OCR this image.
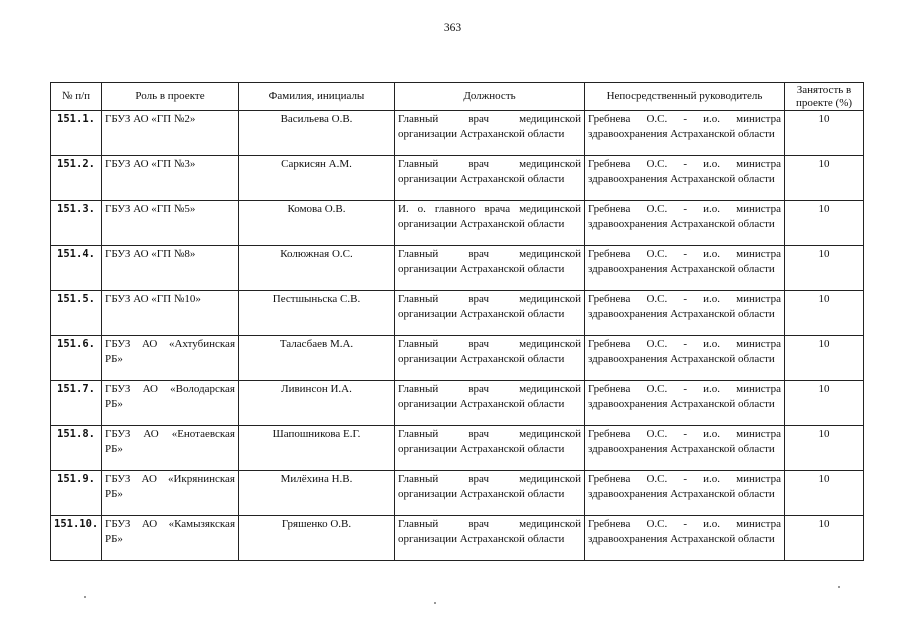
363
№ п/п	Роль в проекте	Фамилия, инициалы	Должность	Непосредственный руководитель	Занятость в проекте (%)
151.1.	ГБУЗ АО «ГП №2»	Васильева О.В.	Главный врач медицинской организации Астраханской области	Гребнева О.С. - и.о. министра здравоохранения Астраханской области	10
151.2.	ГБУЗ АО «ГП №3»	Саркисян А.М.	Главный врач медицинской организации Астраханской области	Гребнева О.С. - и.о. министра здравоохранения Астраханской области	10
151.3.	ГБУЗ АО «ГП №5»	Комова О.В.	И. о. главного врача медицинской организации Астраханской области	Гребнева О.С. - и.о. министра здравоохранения Астраханской области	10
151.4.	ГБУЗ АО «ГП №8»	Колюжная О.С.	Главный врач медицинской организации Астраханской области	Гребнева О.С. - и.о. министра здравоохранения Астраханской области	10
151.5.	ГБУЗ АО «ГП №10»	Пестшыньска С.В.	Главный врач медицинской организации Астраханской области	Гребнева О.С. - и.о. министра здравоохранения Астраханской области	10
151.6.	ГБУЗ АО «Ахтубинская РБ»	Таласбаев М.А.	Главный врач медицинской организации Астраханской области	Гребнева О.С. - и.о. министра здравоохранения Астраханской области	10
151.7.	ГБУЗ АО «Володарская РБ»	Ливинсон И.А.	Главный врач медицинской организации Астраханской области	Гребнева О.С. - и.о. министра здравоохранения Астраханской области	10
151.8.	ГБУЗ АО «Енотаевская РБ»	Шапошникова Е.Г.	Главный врач медицинской организации Астраханской области	Гребнева О.С. - и.о. министра здравоохранения Астраханской области	10
151.9.	ГБУЗ АО «Икрянинская РБ»	Милёхина Н.В.	Главный врач медицинской организации Астраханской области	Гребнева О.С. - и.о. министра здравоохранения Астраханской области	10
151.10.	ГБУЗ АО «Камызякская РБ»	Гряшенко О.В.	Главный врач медицинской организации Астраханской области	Гребнева О.С. - и.о. министра здравоохранения Астраханской области	10
